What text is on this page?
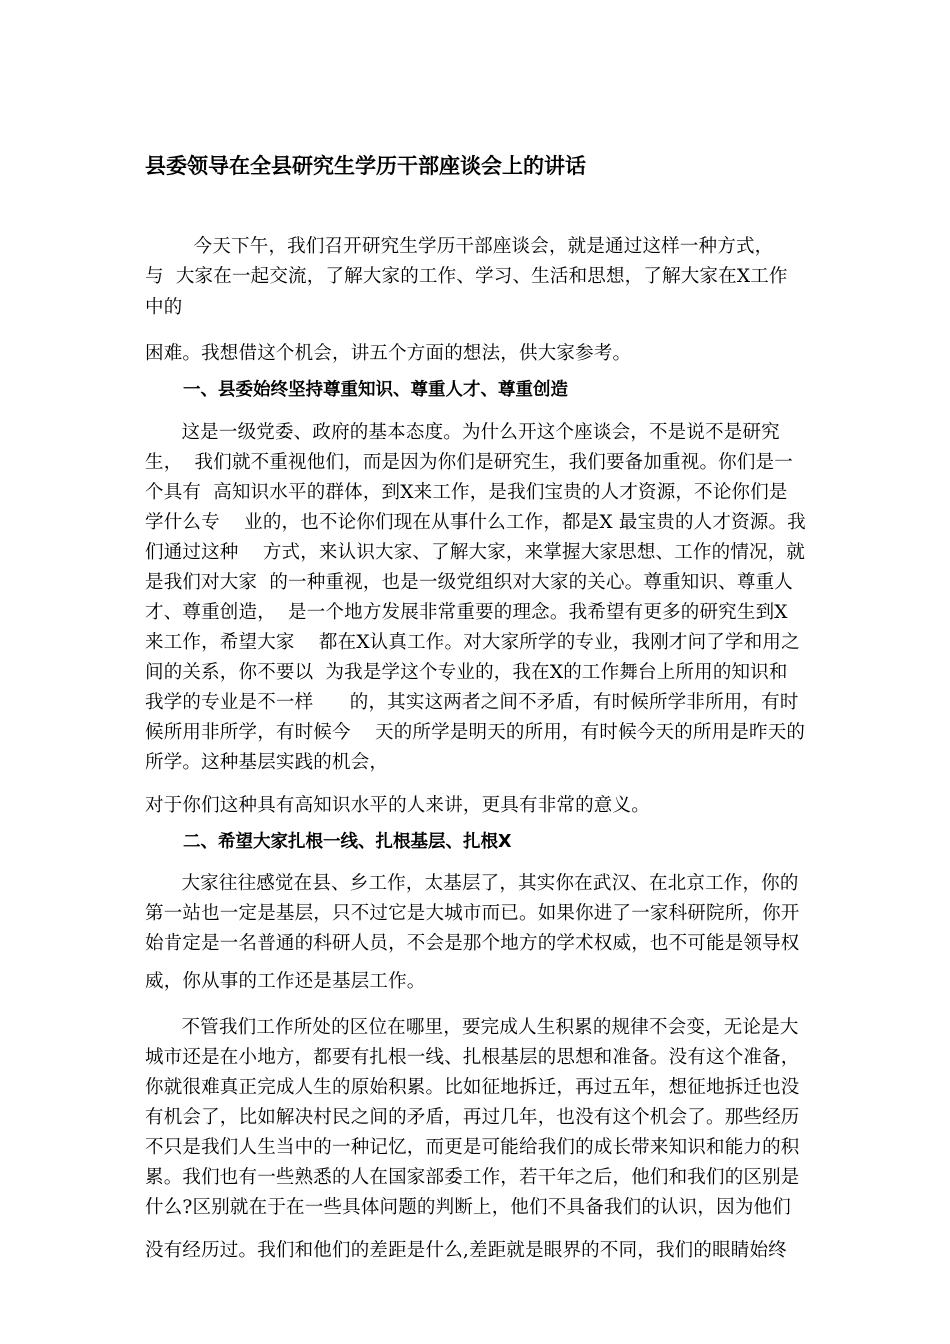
县委领导在全县研究生学历干部座谈会上的讲话
今天下午，我们召开研究生学历干部座谈会，就是通过这样一种方式，
与  大家在一起交流，了解大家的工作、学习、生活和思想，了解大家在X工作
中的
困难。我想借这个机会，讲五个方面的想法，供大家参考。
一、县委始终坚持尊重知识、尊重人才、尊重创造
这是一级党委、政府的基本态度。为什么开这个座谈会，不是说不是研究
生，  我们就不重视他们，而是因为你们是研究生，我们要备加重视。你们是一
个具有  高知识水平的群体，到X来工作，是我们宝贵的人才资源，不论你们是
学什么专    业的，也不论你们现在从事什么工作，都是X 最宝贵的人才资源。我
们通过这种    方式，来认识大家、了解大家，来掌握大家思想、工作的情况，就
是我们对大家  的一种重视，也是一级党组织对大家的关心。尊重知识、尊重人
才、尊重创造，  是一个地方发展非常重要的理念。我希望有更多的研究生到X
来工作，希望大家    都在X认真工作。对大家所学的专业，我刚才问了学和用之
间的关系，你不要以  为我是学这个专业的，我在X的工作舞台上所用的知识和
我学的专业是不一样      的，其实这两者之间不矛盾，有时候所学非所用，有时
候所用非所学，有时候今    天的所学是明天的所用，有时候今天的所用是昨天的
所学。这种基层实践的机会，
对于你们这种具有高知识水平的人来讲，更具有非常的意义。
二、希望大家扎根一线、扎根基层、扎根X
大家往往感觉在县、乡工作，太基层了，其实你在武汉、在北京工作，你的
第一站也一定是基层，只不过它是大城市而已。如果你进了一家科研院所，你开
始肯定是一名普通的科研人员，不会是那个地方的学术权威，也不可能是领导权
威，你从事的工作还是基层工作。
不管我们工作所处的区位在哪里，要完成人生积累的规律不会变，无论是大
城市还是在小地方，都要有扎根一线、扎根基层的思想和准备。没有这个准备，
你就很难真正完成人生的原始积累。比如征地拆迁，再过五年，想征地拆迁也没
有机会了，比如解决村民之间的矛盾，再过几年，也没有这个机会了。那些经历
不只是我们人生当中的一种记忆，而更是可能给我们的成长带来知识和能力的积
累。我们也有一些熟悉的人在国家部委工作，若干年之后，他们和我们的区别是
什么?区别就在于在一些具体问题的判断上，他们不具备我们的认识，因为他们
没有经历过。我们和他们的差距是什么,差距就是眼界的不同，我们的眼睛始终
